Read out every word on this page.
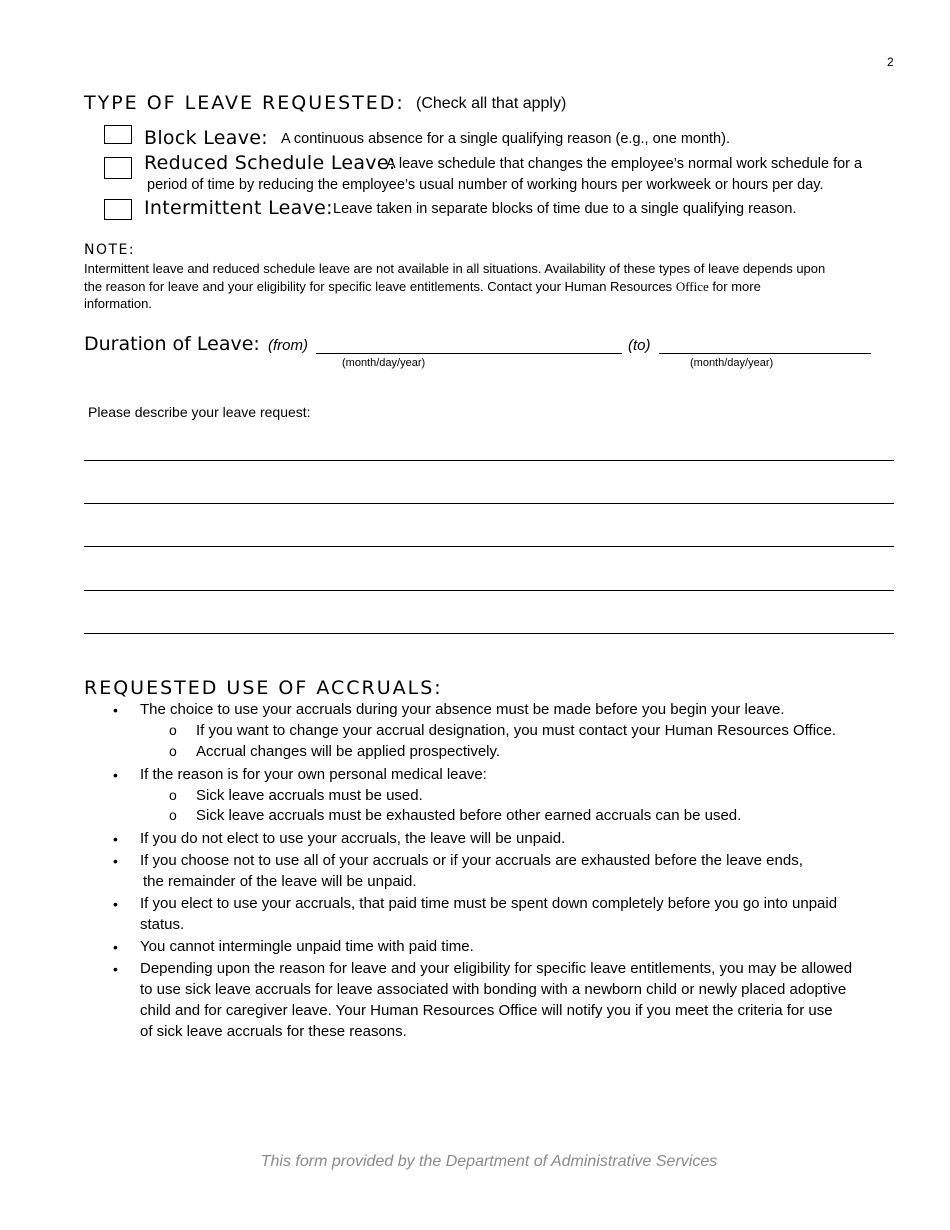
2
TYPE OF LEAVE REQUESTED: (Check all that apply)
Block Leave: A continuous absence for a single qualifying reason (e.g., one month).
Reduced Schedule Leave:
A leave schedule that changes the employee’s normal work schedule for a
period of time by reducing the employee’s usual number of working hours per workweek or hours per day.
Intermittent Leave: Leave taken in separate blocks of time due to a single qualifying reason.
NOTE:
Intermittent leave and reduced schedule leave are not available in all situations. Availability of these types of leave depends upon
the reason for leave and your eligibility for specific leave entitlements. Contact your Human Resources Office for more
information.
Duration of Leave: (from)
(month/day/year)
(to)
(month/day/year)
Please describe your leave request:
REQUESTED USE OF ACCRUALS:
• The choice to use your accruals during your absence must be made before you begin your leave.
o If you want to change your accrual designation, you must contact your Human Resources Office.
o Accrual changes will be applied prospectively.
• If the reason is for your own personal medical leave:
o Sick leave accruals must be used.
o Sick leave accruals must be exhausted before other earned accruals can be used.
• If you do not elect to use your accruals, the leave will be unpaid.
• If you choose not to use all of your accruals or if your accruals are exhausted before the leave ends,
the remainder of the leave will be unpaid.
• If you elect to use your accruals, that paid time must be spent down completely before you go into unpaid
status.
• You cannot intermingle unpaid time with paid time.
• Depending upon the reason for leave and your eligibility for specific leave entitlements, you may be allowed
to use sick leave accruals for leave associated with bonding with a newborn child or newly placed adoptive
child and for caregiver leave. Your Human Resources Office will notify you if you meet the criteria for use
of sick leave accruals for these reasons.
This form provided by the Department of Administrative Services
